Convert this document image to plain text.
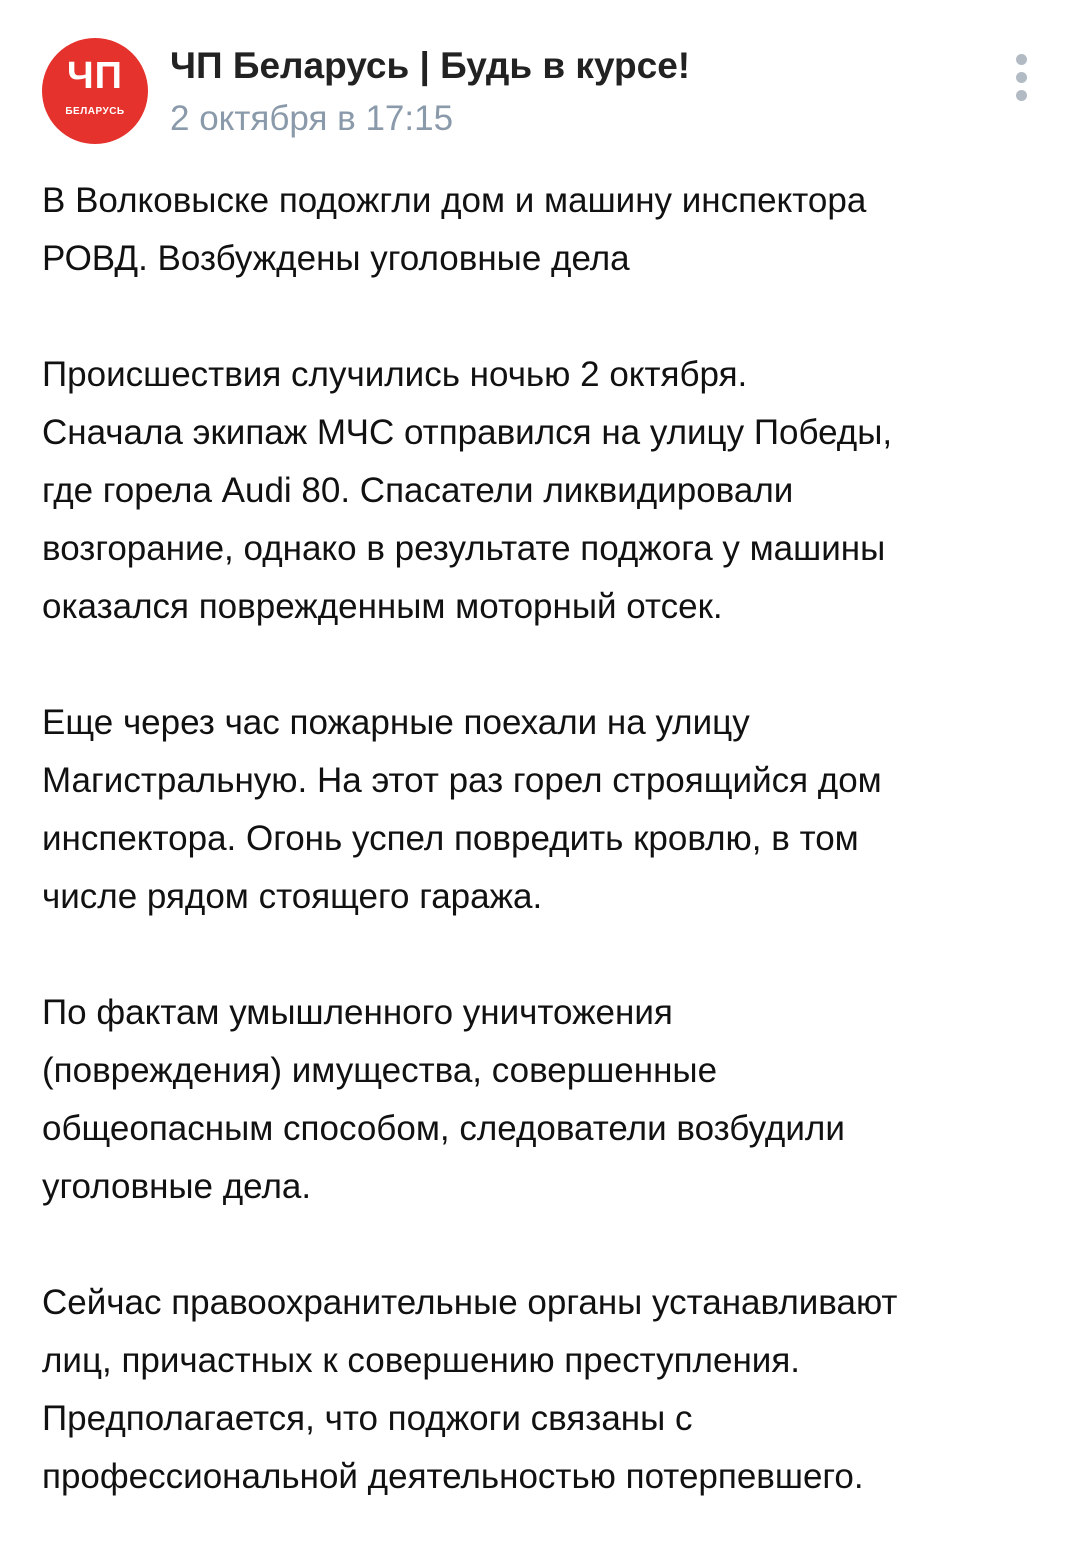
ЧП
БЕЛАРУСЬ
ЧП Беларусь | Будь в курсе!
2 октября в 17:15

В Волковыске подожгли дом и машину инспектора
РОВД. Возбуждены уголовные дела

Происшествия случились ночью 2 октября.
Сначала экипаж МЧС отправился на улицу Победы,
где горела Audi 80. Спасатели ликвидировали
возгорание, однако в результате поджога у машины
оказался поврежденным моторный отсек.

Еще через час пожарные поехали на улицу
Магистральную. На этот раз горел строящийся дом
инспектора. Огонь успел повредить кровлю, в том
числе рядом стоящего гаража.

По фактам умышленного уничтожения
(повреждения) имущества, совершенные
общеопасным способом, следователи возбудили
уголовные дела.

Сейчас правоохранительные органы устанавливают
лиц, причастных к совершению преступления.
Предполагается, что поджоги связаны с
профессиональной деятельностью потерпевшего.
